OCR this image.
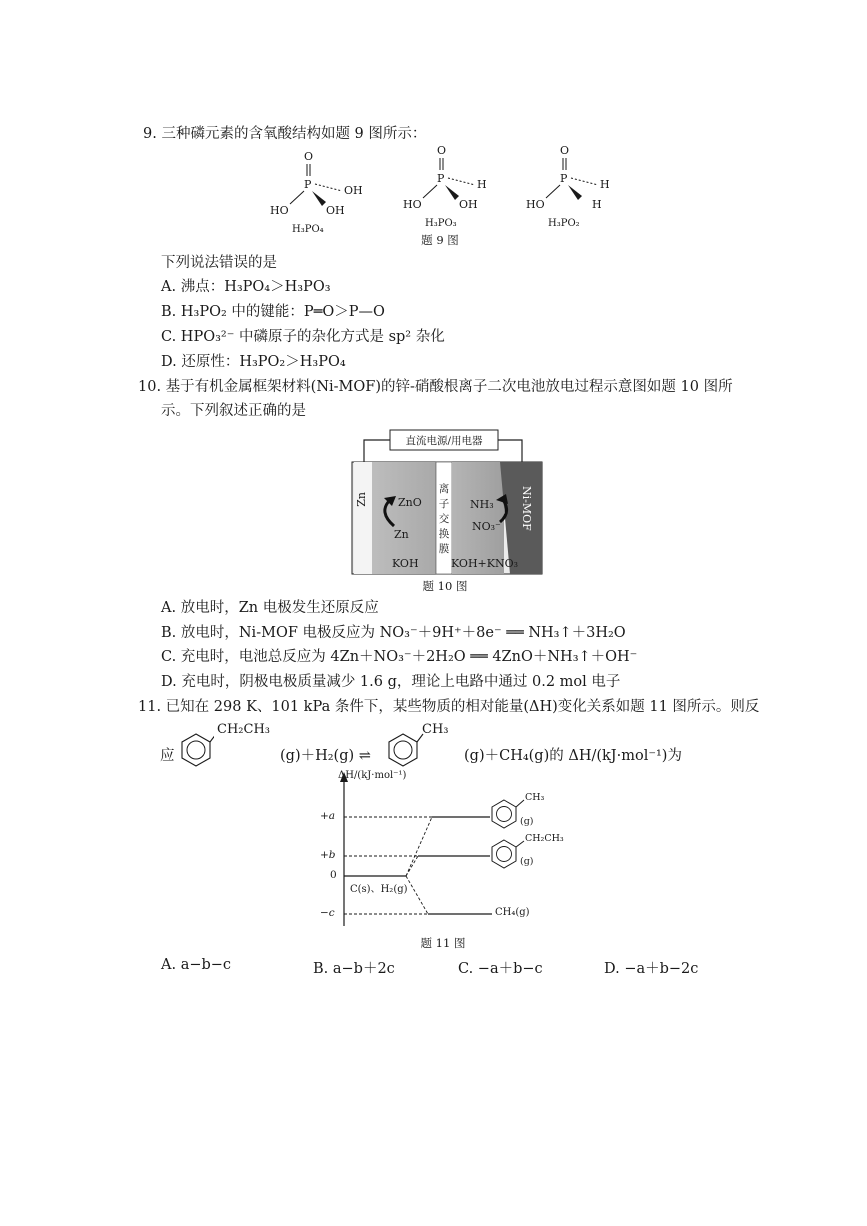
9. 三种磷元素的含氧酸结构如题 9 图所示：
O
P	OH
HO	OH
H₃PO₄
O
P	H
HO	OH
H₃PO₃
O
P	H
HO	H
H₃PO₂
题 9 图
下列说法错误的是
A. 沸点：H₃PO₄＞H₃PO₃
B. H₃PO₂ 中的键能：P═O＞P—O
C. HPO₃²⁻ 中磷原子的杂化方式是 sp² 杂化
D. 还原性：H₃PO₂＞H₃PO₄
10. 基于有机金属框架材料(Ni-MOF)的锌-硝酸根离子二次电池放电过程示意图如题 10 图所
示。下列叙述正确的是
直流电源/用电器
Zn	Ni-MOF
离
子
交
换
膜
ZnO
Zn
NH₃
NO₃⁻
KOH	KOH+KNO₃
题 10 图
A. 放电时，Zn 电极发生还原反应
B. 放电时，Ni-MOF 电极反应为 NO₃⁻＋9H⁺＋8e⁻ ══ NH₃↑＋3H₂O
C. 充电时，电池总反应为 4Zn＋NO₃⁻＋2H₂O ══ 4ZnO＋NH₃↑＋OH⁻
D. 充电时，阴极电极质量减少 1.6 g，理论上电路中通过 0.2 mol 电子
11. 已知在 298 K、101 kPa 条件下，某些物质的相对能量(ΔH)变化关系如题 11 图所示。则反
应
CH₂CH₃
(g)＋H₂(g) ⇌
CH₃
(g)＋CH₄(g)的 ΔH/(kJ·mol⁻¹)为
ΔH/(kJ·mol⁻¹)
+a
+b
0
−c
C(s)、H₂(g)
CH₃
(g)
CH₂CH₃
(g)
CH₄(g)
题 11 图
A. a−b−c	B. a−b＋2c	C. −a＋b−c	D. −a＋b−2c
